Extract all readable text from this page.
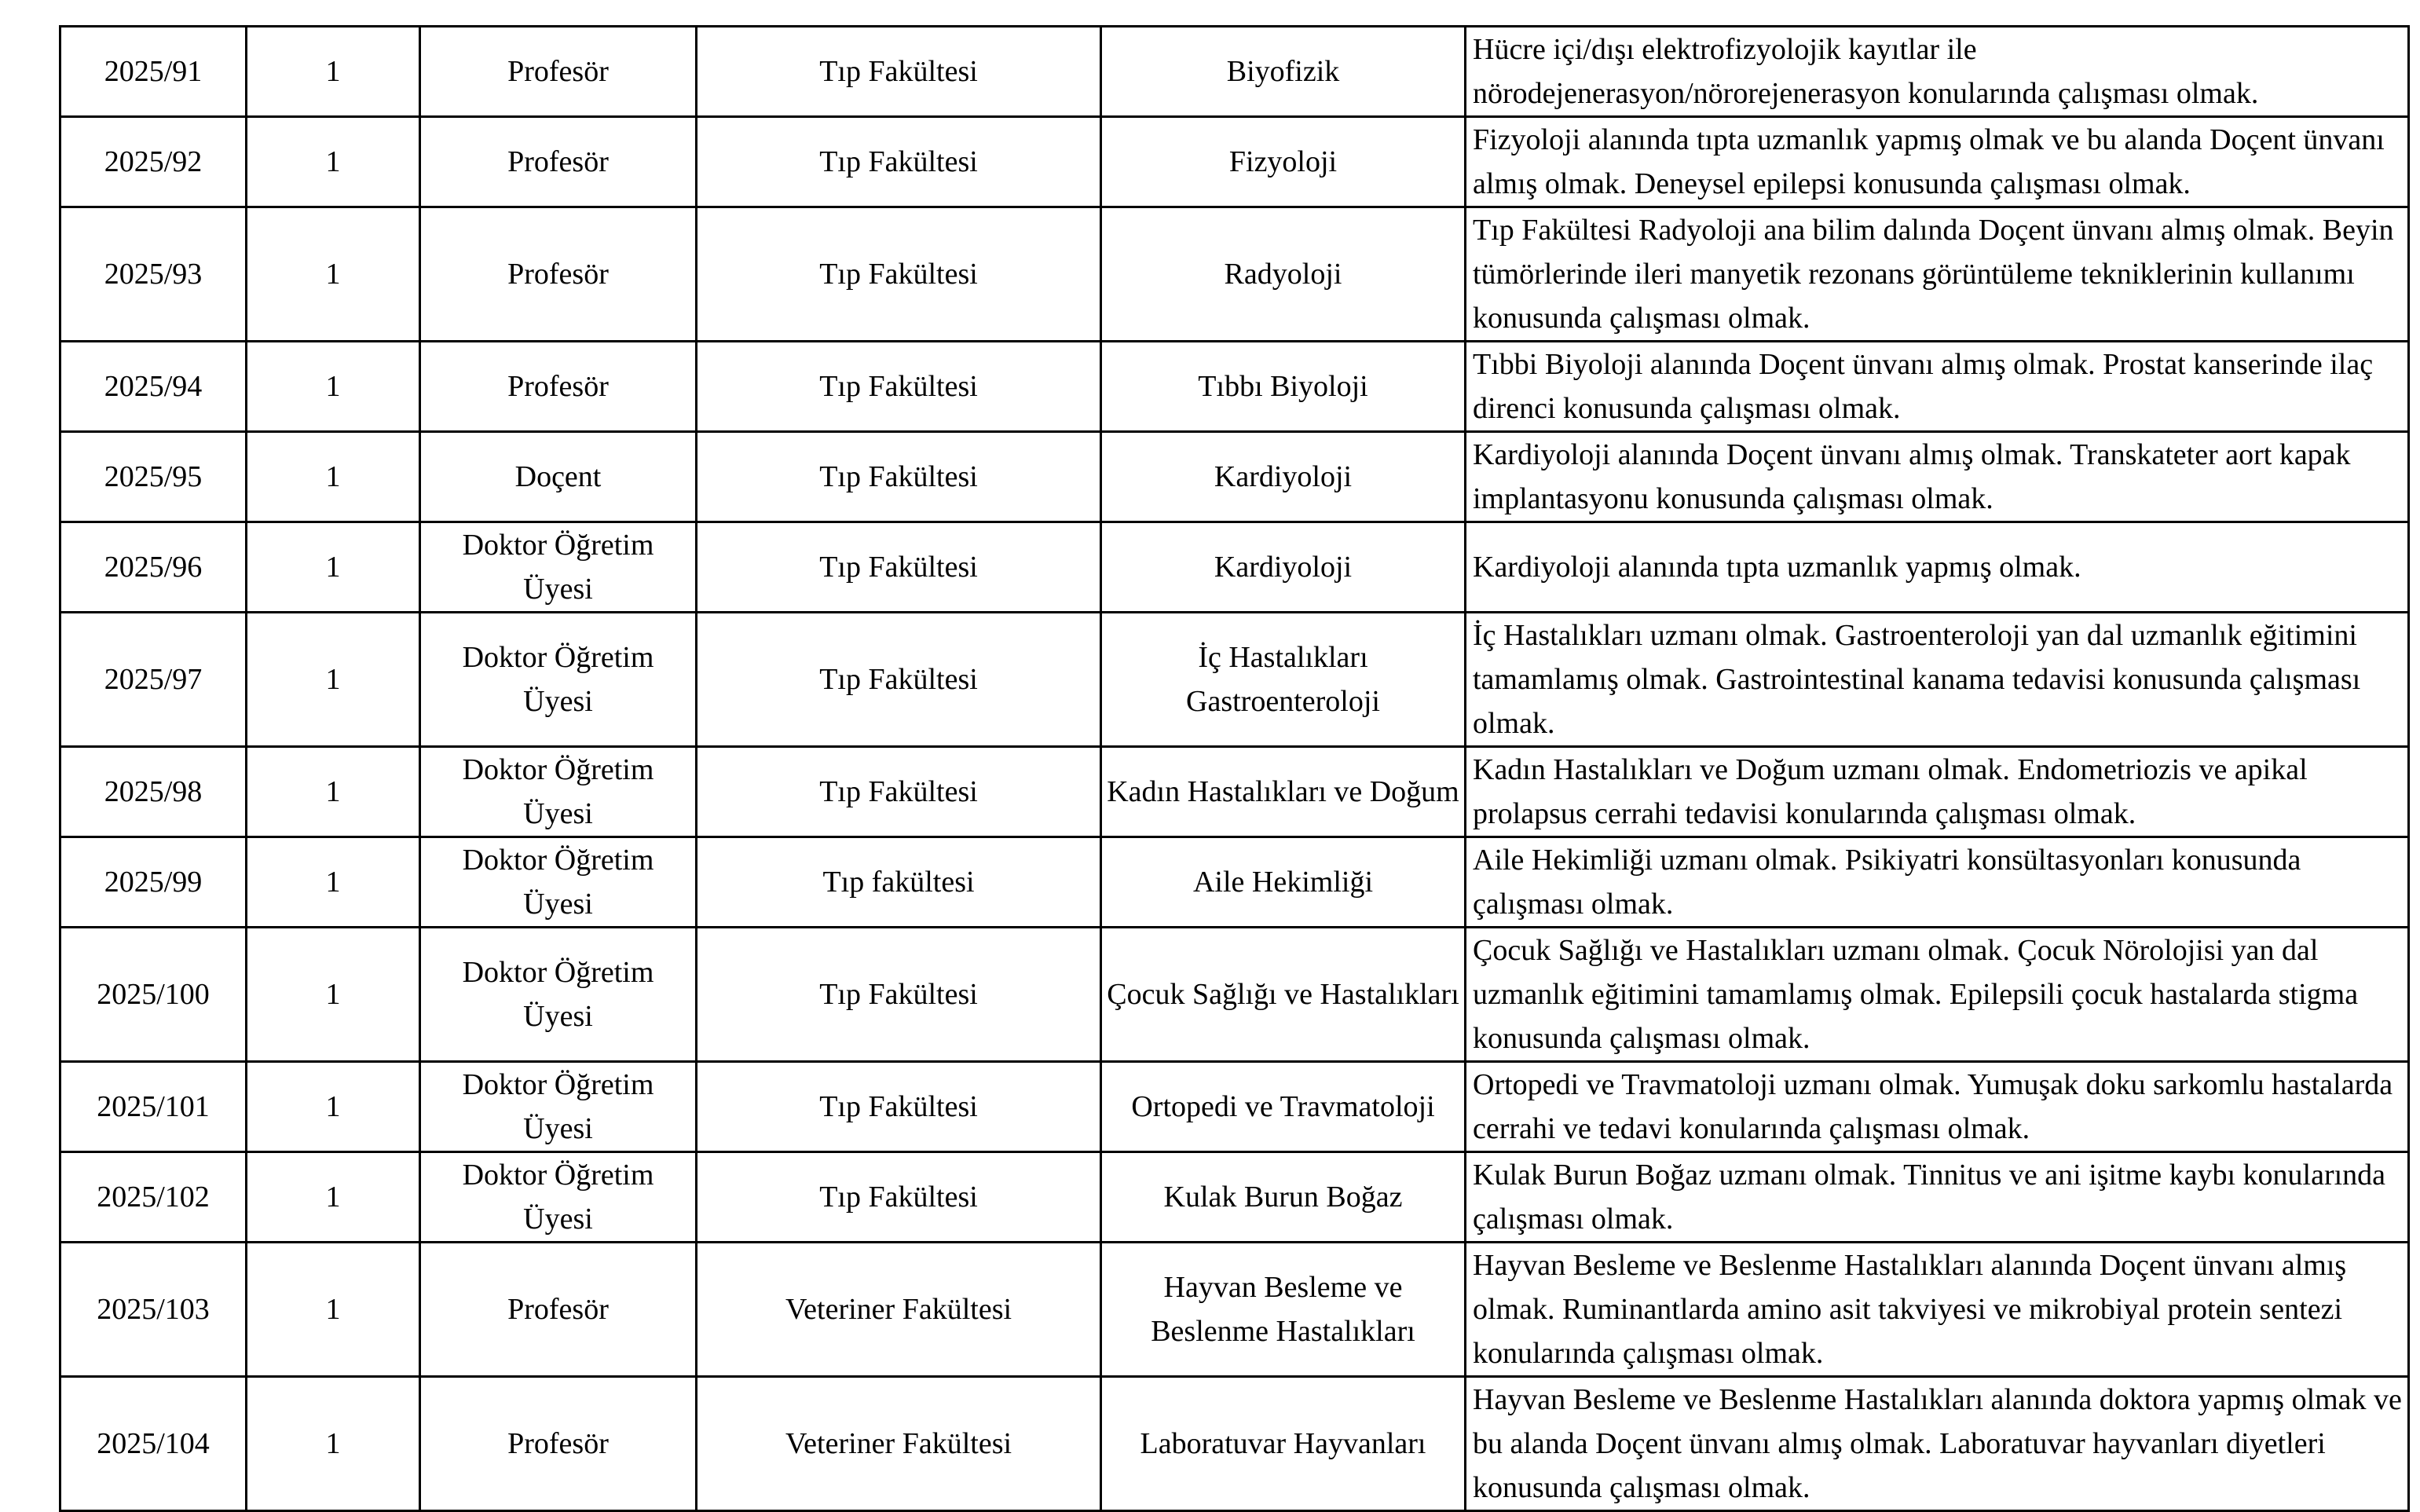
2025/91	1	Profesör	Tıp Fakültesi	Biyofizik	Hücre içi/dışı elektrofizyolojik kayıtlar ile nörodejenerasyon/nörorejenerasyon konularında çalışması olmak.
2025/92	1	Profesör	Tıp Fakültesi	Fizyoloji	Fizyoloji alanında tıpta uzmanlık yapmış olmak ve bu alanda Doçent ünvanı almış olmak. Deneysel epilepsi konusunda çalışması olmak.
2025/93	1	Profesör	Tıp Fakültesi	Radyoloji	Tıp Fakültesi Radyoloji ana bilim dalında Doçent ünvanı almış olmak. Beyin tümörlerinde ileri manyetik rezonans görüntüleme tekniklerinin kullanımı konusunda çalışması olmak.
2025/94	1	Profesör	Tıp Fakültesi	Tıbbı Biyoloji	Tıbbi Biyoloji alanında Doçent ünvanı almış olmak. Prostat kanserinde ilaç direnci konusunda çalışması olmak.
2025/95	1	Doçent	Tıp Fakültesi	Kardiyoloji	Kardiyoloji alanında Doçent ünvanı almış olmak. Transkateter aort kapak implantasyonu konusunda çalışması olmak.
2025/96	1	Doktor Öğretim Üyesi	Tıp Fakültesi	Kardiyoloji	Kardiyoloji alanında tıpta uzmanlık yapmış olmak.
2025/97	1	Doktor Öğretim Üyesi	Tıp Fakültesi	İç Hastalıkları Gastroenteroloji	İç Hastalıkları uzmanı olmak. Gastroenteroloji yan dal uzmanlık eğitimini tamamlamış olmak. Gastrointestinal kanama tedavisi konusunda çalışması olmak.
2025/98	1	Doktor Öğretim Üyesi	Tıp Fakültesi	Kadın Hastalıkları ve Doğum	Kadın Hastalıkları ve Doğum uzmanı olmak. Endometriozis ve apikal prolapsus cerrahi tedavisi konularında çalışması olmak.
2025/99	1	Doktor Öğretim Üyesi	Tıp fakültesi	Aile Hekimliği	Aile Hekimliği uzmanı olmak. Psikiyatri konsültasyonları konusunda çalışması olmak.
2025/100	1	Doktor Öğretim Üyesi	Tıp Fakültesi	Çocuk Sağlığı ve Hastalıkları	Çocuk Sağlığı ve Hastalıkları uzmanı olmak. Çocuk Nörolojisi yan dal uzmanlık eğitimini tamamlamış olmak. Epilepsili çocuk hastalarda stigma konusunda çalışması olmak.
2025/101	1	Doktor Öğretim Üyesi	Tıp Fakültesi	Ortopedi ve Travmatoloji	Ortopedi ve Travmatoloji uzmanı olmak. Yumuşak doku sarkomlu hastalarda cerrahi ve tedavi konularında çalışması olmak.
2025/102	1	Doktor Öğretim Üyesi	Tıp Fakültesi	Kulak Burun Boğaz	Kulak Burun Boğaz uzmanı olmak. Tinnitus ve ani işitme kaybı konularında çalışması olmak.
2025/103	1	Profesör	Veteriner Fakültesi	Hayvan Besleme ve Beslenme Hastalıkları	Hayvan Besleme ve Beslenme Hastalıkları alanında Doçent ünvanı almış olmak. Ruminantlarda amino asit takviyesi ve mikrobiyal protein sentezi konularında çalışması olmak.
2025/104	1	Profesör	Veteriner Fakültesi	Laboratuvar Hayvanları	Hayvan Besleme ve Beslenme Hastalıkları alanında doktora yapmış olmak ve bu alanda Doçent ünvanı almış olmak. Laboratuvar hayvanları diyetleri konusunda çalışması olmak.
